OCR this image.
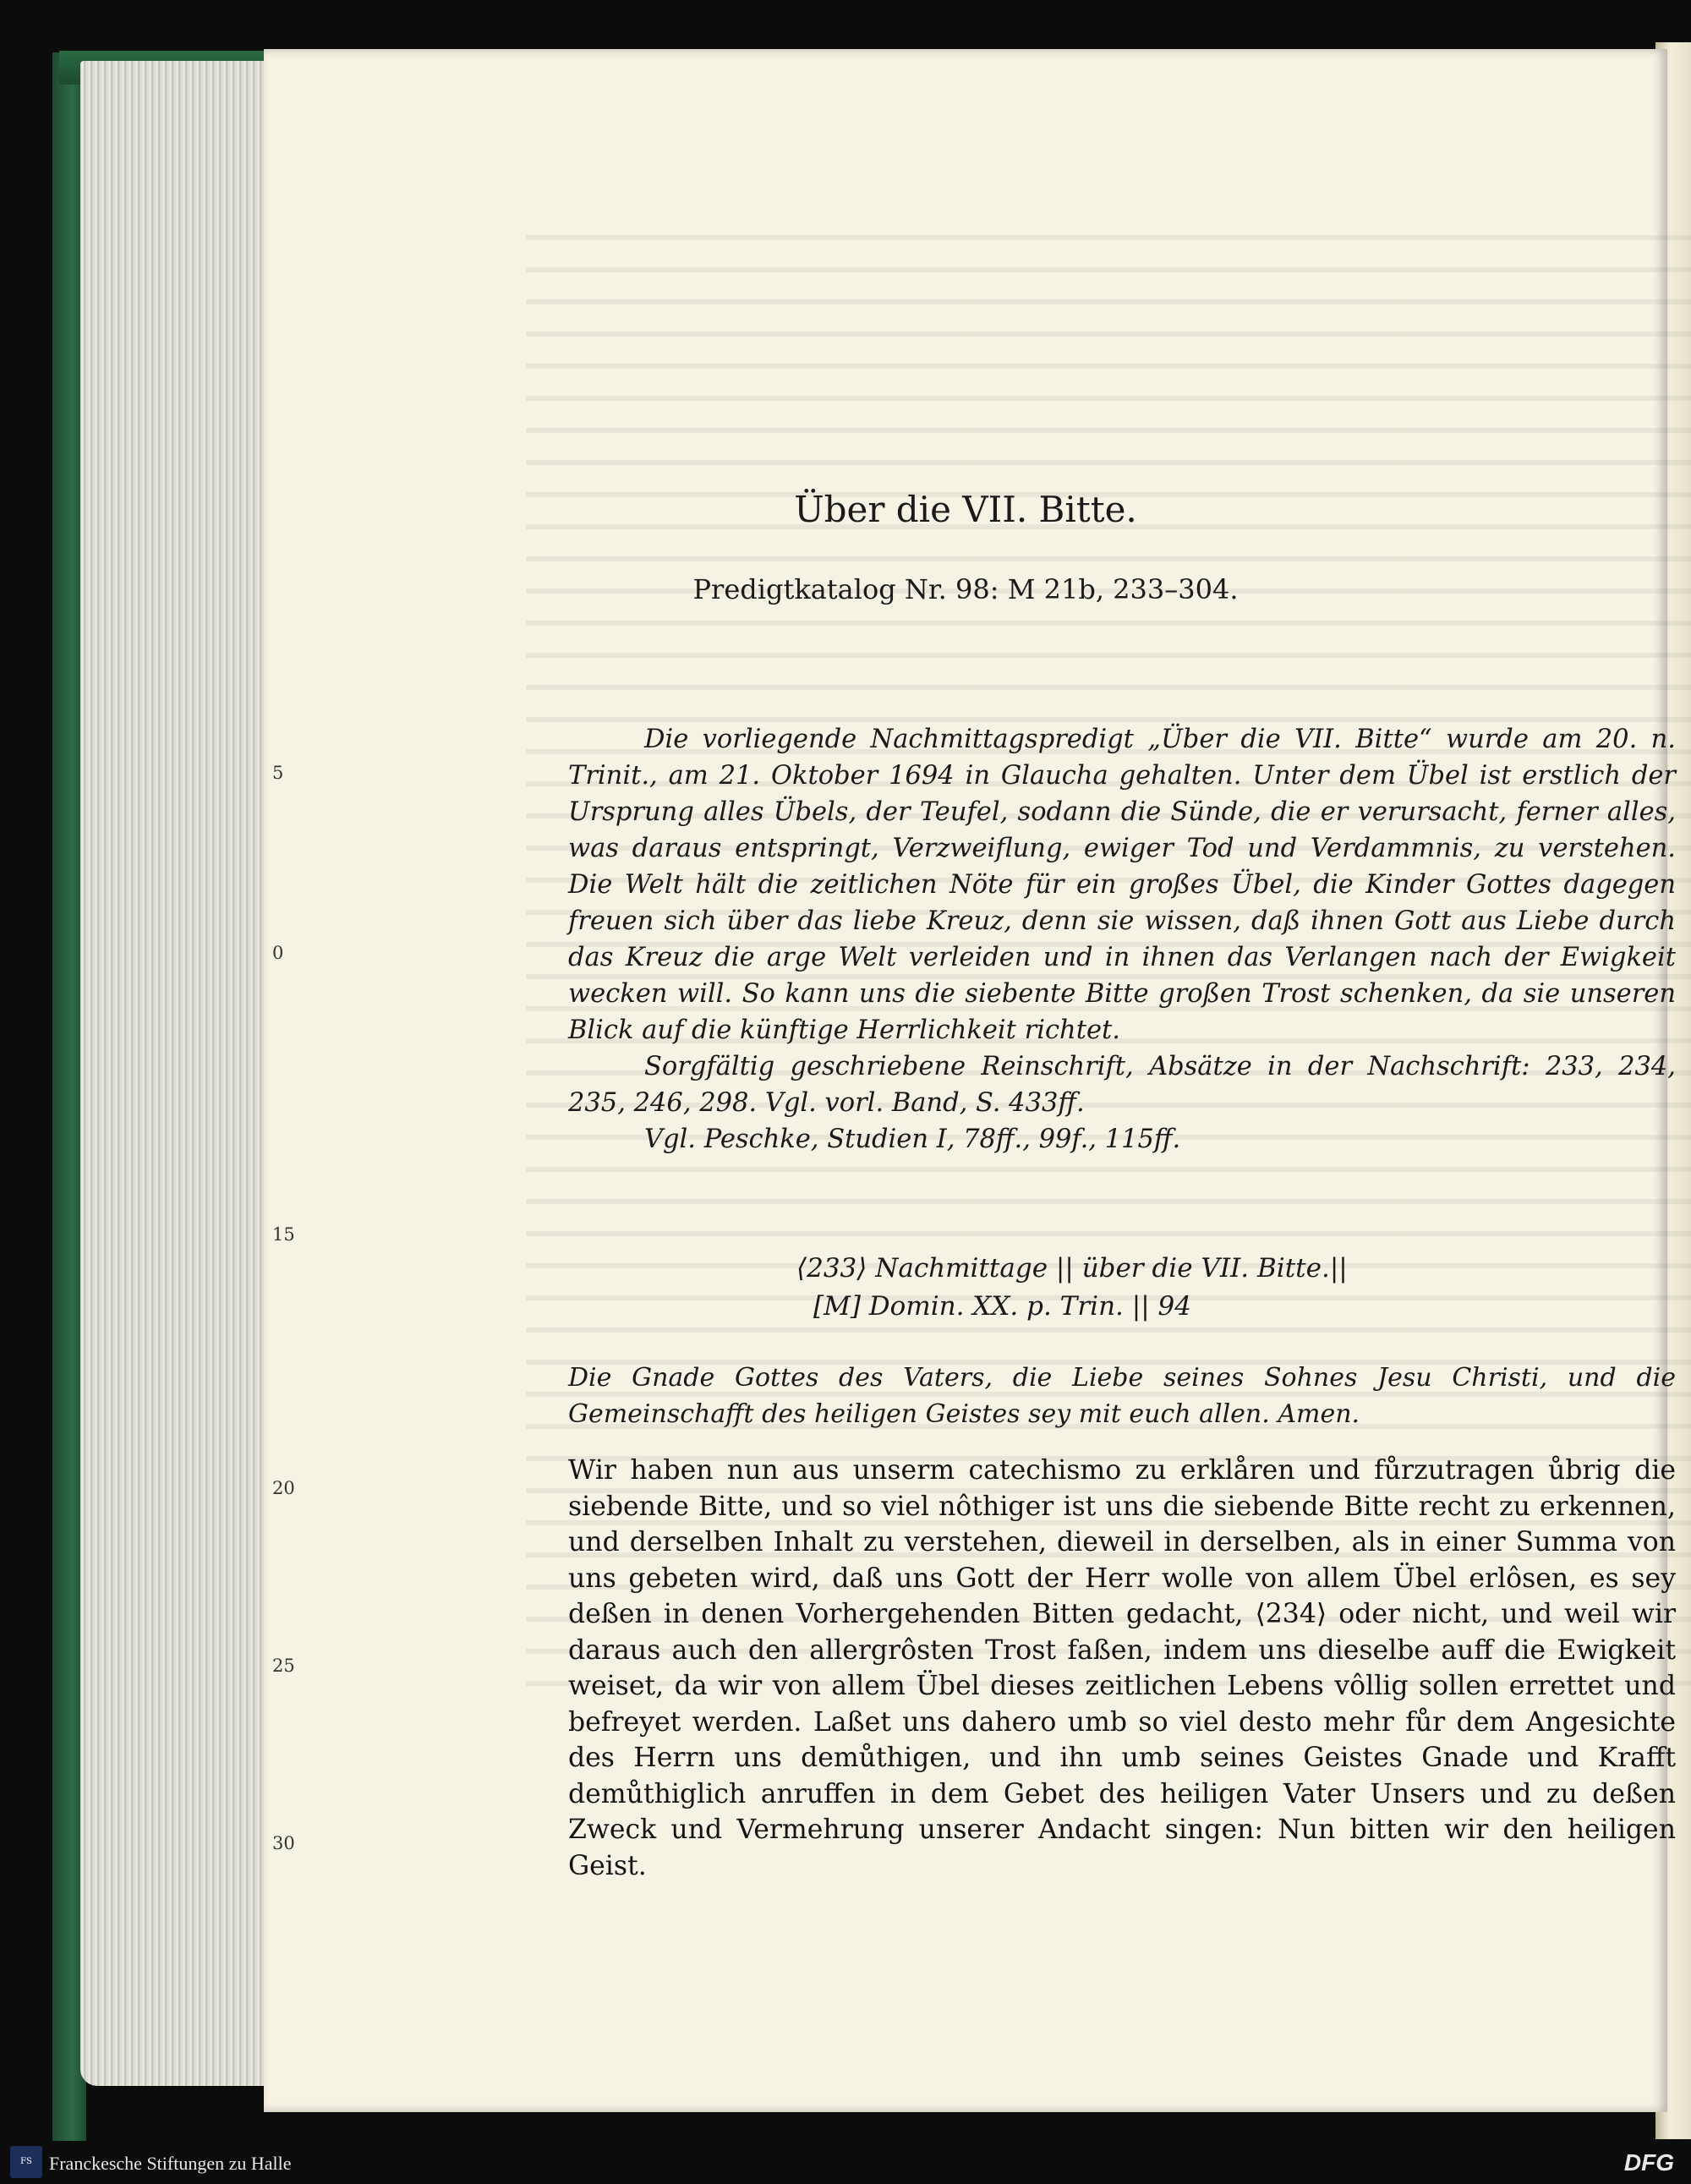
Über die VII. Bitte.
Predigtkatalog Nr. 98: M 21b, 233–304.

Die vorliegende Nachmittagspredigt „Über die VII. Bitte“ wurde am 20. n. Trinit., am 21. Oktober 1694 in Glaucha gehalten. Unter dem Übel ist erstlich der Ursprung alles Übels, der Teufel, sodann die Sünde, die er verursacht, ferner alles, was daraus entspringt, Verzweiflung, ewiger Tod und Verdammnis, zu verstehen. Die Welt hält die zeitlichen Nöte für ein großes Übel, die Kinder Gottes dagegen freuen sich über das liebe Kreuz, denn sie wissen, daß ihnen Gott aus Liebe durch das Kreuz die arge Welt verleiden und in ihnen das Verlangen nach der Ewigkeit wecken will. So kann uns die siebente Bitte großen Trost schenken, da sie unseren Blick auf die künftige Herrlichkeit richtet.

Sorgfältig geschriebene Reinschrift, Absätze in der Nachschrift: 233, 234, 235, 246, 298. Vgl. vorl. Band, S. 433ff.

Vgl. Peschke, Studien I, 78ff., 99f., 115ff.

⟨233⟩ Nachmittage || über die VII. Bitte.||
[M] Domin. XX. p. Trin. || 94
Die Gnade Gottes des Vaters, die Liebe seines Sohnes Jesu Christi, und die Gemeinschafft des heiligen Geistes sey mit euch allen. Amen.
Wir haben nun aus unserm catechismo zu erklåren und fůrzutragen ůbrig die siebende Bitte, und so viel nôthiger ist uns die siebende Bitte recht zu erkennen, und derselben Inhalt zu verstehen, dieweil in derselben, als in einer Summa von uns gebeten wird, daß uns Gott der Herr wolle von allem Übel erlôsen, es sey deßen in denen Vorhergehenden Bitten gedacht, ⟨234⟩ oder nicht, und weil wir daraus auch den allergrôsten Trost faßen, indem uns dieselbe auff die Ewigkeit weiset, da wir von allem Übel dieses zeitlichen Lebens vôllig sollen errettet und befreyet werden. Laßet uns dahero umb so viel desto mehr fůr dem Angesichte des Herrn uns demůthigen, und ihn umb seines Geistes Gnade und Krafft demůthiglich anruffen in dem Gebet des heiligen Vater Unsers und zu deßen Zweck und Vermehrung unserer Andacht singen: Nun bitten wir den heiligen Geist.
5
0
15
20
25
30
FS Franckesche Stiftungen zu Halle	DFG
